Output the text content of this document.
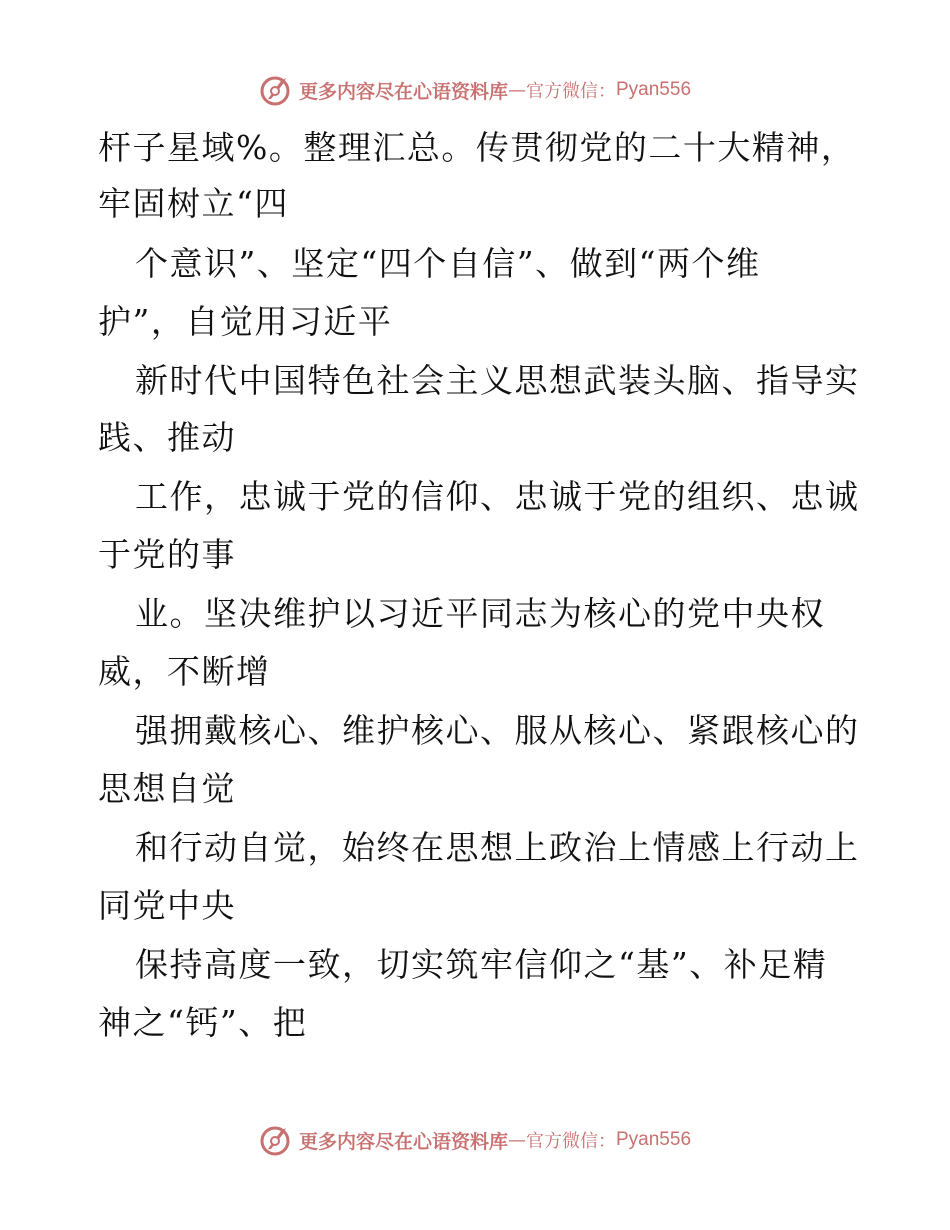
更多内容尽在心语资料库 — 官方微信： Pyan556
杆子星域%。整理汇总。传贯彻党的二十大精神，
牢固树立“四
个意识”、坚定“四个自信”、做到“两个维
护”，自觉用习近平
新时代中国特色社会主义思想武装头脑、指导实
践、推动
工作，忠诚于党的信仰、忠诚于党的组织、忠诚
于党的事
业。坚决维护以习近平同志为核心的党中央权
威，不断增
强拥戴核心、维护核心、服从核心、紧跟核心的
思想自觉
和行动自觉，始终在思想上政治上情感上行动上
同党中央
保持高度一致，切实筑牢信仰之“基”、补足精
神之“钙”、把
更多内容尽在心语资料库 — 官方微信： Pyan556
